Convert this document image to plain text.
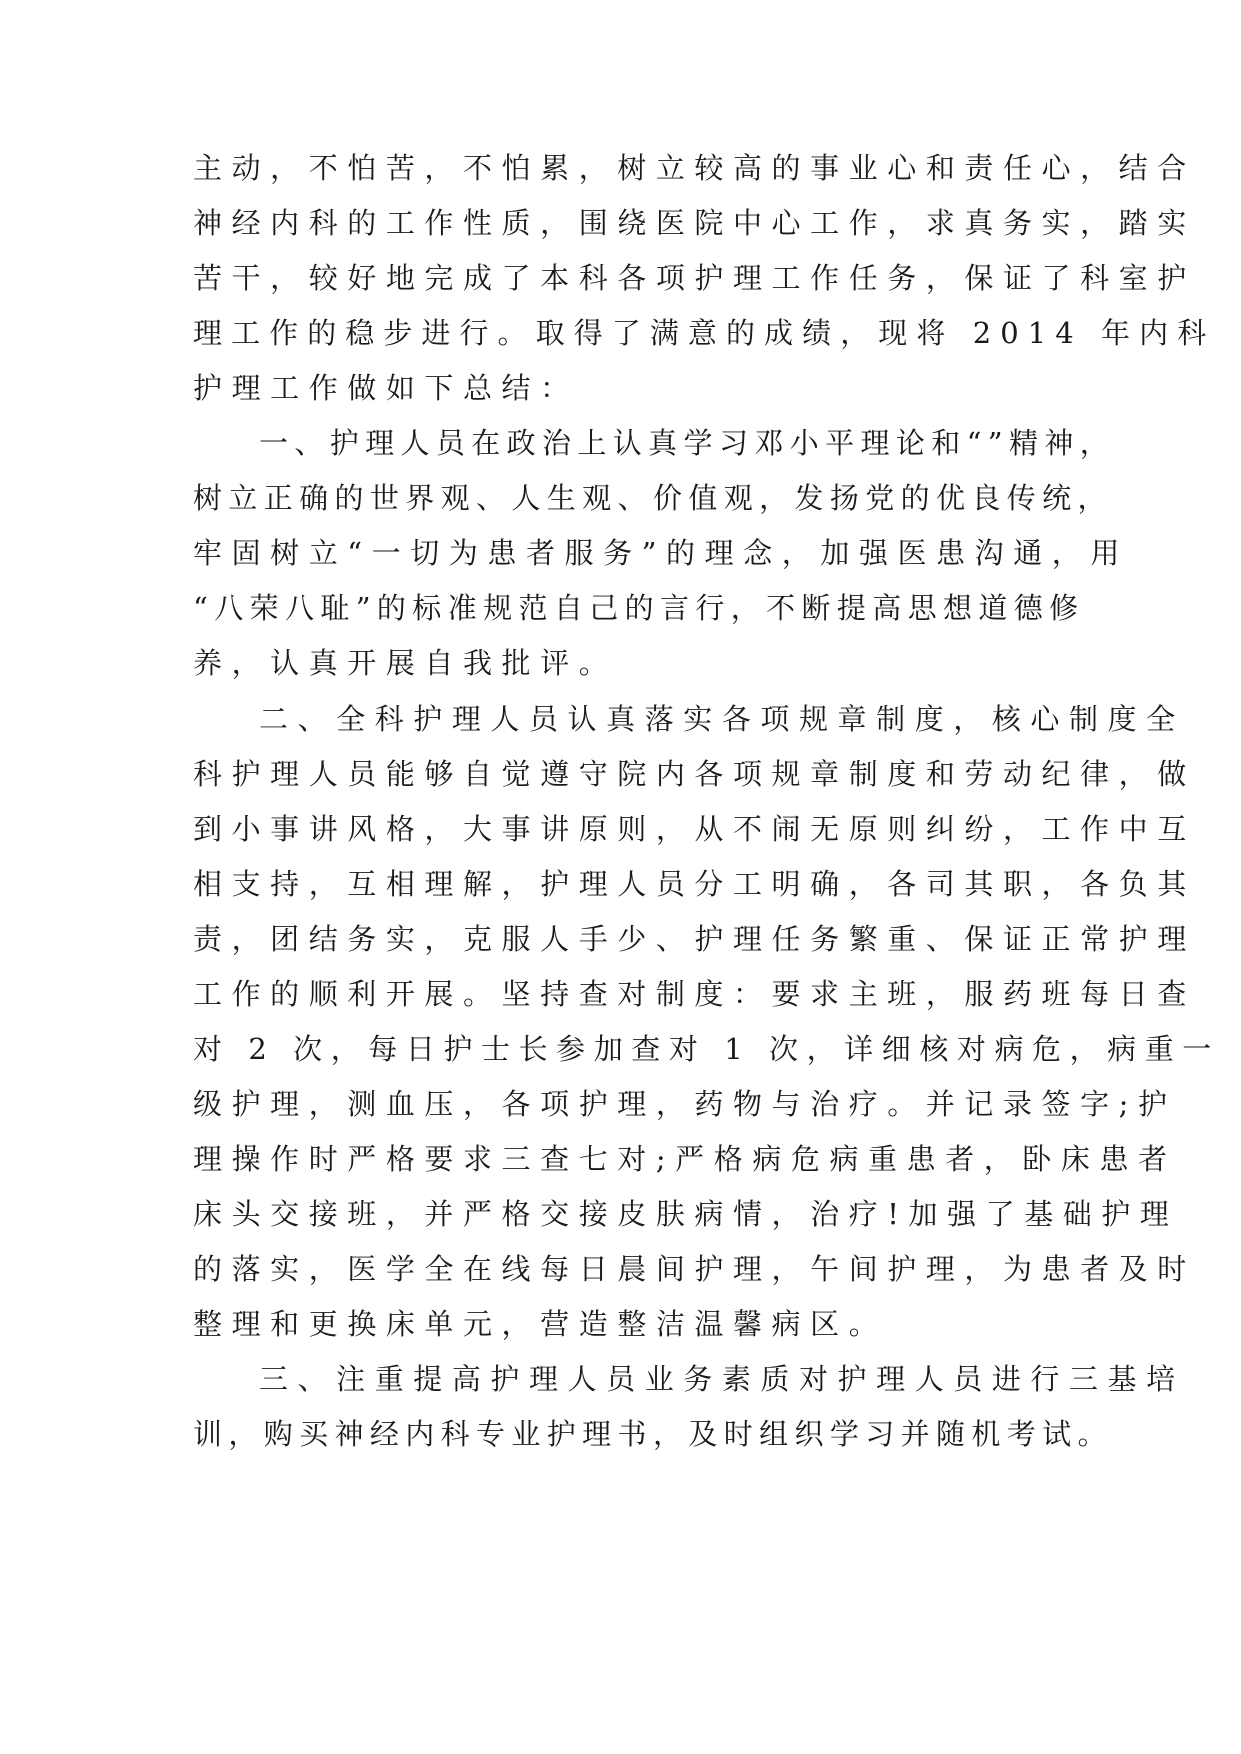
主动，不怕苦，不怕累，树立较高的事业心和责任心，结合
神经内科的工作性质，围绕医院中心工作，求真务实，踏实
苦干，较好地完成了本科各项护理工作任务，保证了科室护
理工作的稳步进行。取得了满意的成绩，现将 2014 年内科
护理工作做如下总结：
一、护理人员在政治上认真学习邓小平理论和“”精神，
树立正确的世界观、人生观、价值观，发扬党的优良传统，
牢固树立“一切为患者服务”的理念，加强医患沟通，用
“八荣八耻”的标准规范自己的言行，不断提高思想道德修
养，认真开展自我批评。
二、全科护理人员认真落实各项规章制度，核心制度全
科护理人员能够自觉遵守院内各项规章制度和劳动纪律，做
到小事讲风格，大事讲原则，从不闹无原则纠纷，工作中互
相支持，互相理解，护理人员分工明确，各司其职，各负其
责，团结务实，克服人手少、护理任务繁重、保证正常护理
工作的顺利开展。坚持查对制度：要求主班，服药班每日查
对 2 次，每日护士长参加查对 1 次，详细核对病危，病重一
级护理，测血压，各项护理，药物与治疗。并记录签字;护
理操作时严格要求三查七对;严格病危病重患者，卧床患者
床头交接班，并严格交接皮肤病情，治疗!加强了基础护理
的落实，医学全在线每日晨间护理，午间护理，为患者及时
整理和更换床单元，营造整洁温馨病区。
三、注重提高护理人员业务素质对护理人员进行三基培
训，购买神经内科专业护理书，及时组织学习并随机考试。
